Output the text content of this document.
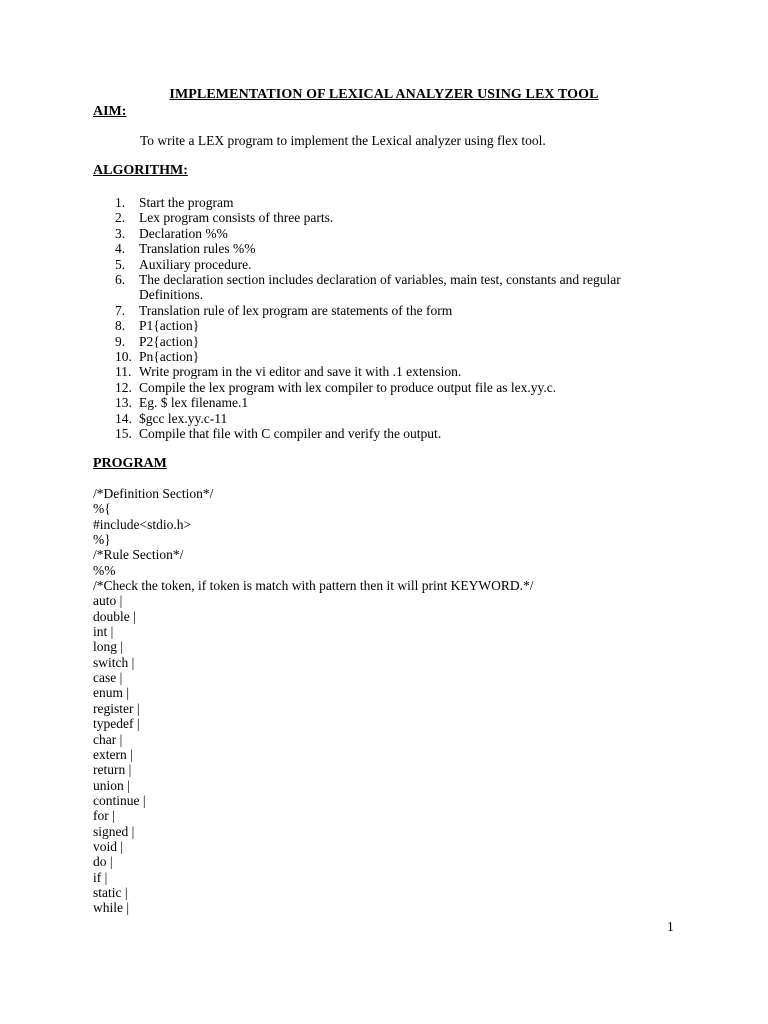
IMPLEMENTATION OF LEXICAL ANALYZER USING LEX TOOL
AIM:
To write a LEX program to implement the Lexical analyzer using flex tool.
ALGORITHM:
1.	Start the program
2.	Lex program consists of three parts.
3.	Declaration %%
4.	Translation rules %%
5.	Auxiliary procedure.
6.	The declaration section includes declaration of variables, main test, constants and regular Definitions.
7.	Translation rule of lex program are statements of the form
8.	P1{action}
9.	P2{action}
10. Pn{action}
11. Write program in the vi editor and save it with .1 extension.
12. Compile the lex program with lex compiler to produce output file as lex.yy.c.
13. Eg. $ lex filename.1
14. $gcc lex.yy.c-11
15. Compile that file with C compiler and verify the output.
PROGRAM
/*Definition Section*/
%{
#include<stdio.h>
%}
/*Rule Section*/
%%
/*Check the token, if token is match with pattern then it will print KEYWORD.*/
auto |
double |
int |
long |
switch |
case |
enum |
register |
typedef |
char |
extern |
return |
union |
continue |
for |
signed |
void |
do |
if |
static |
while |
1
